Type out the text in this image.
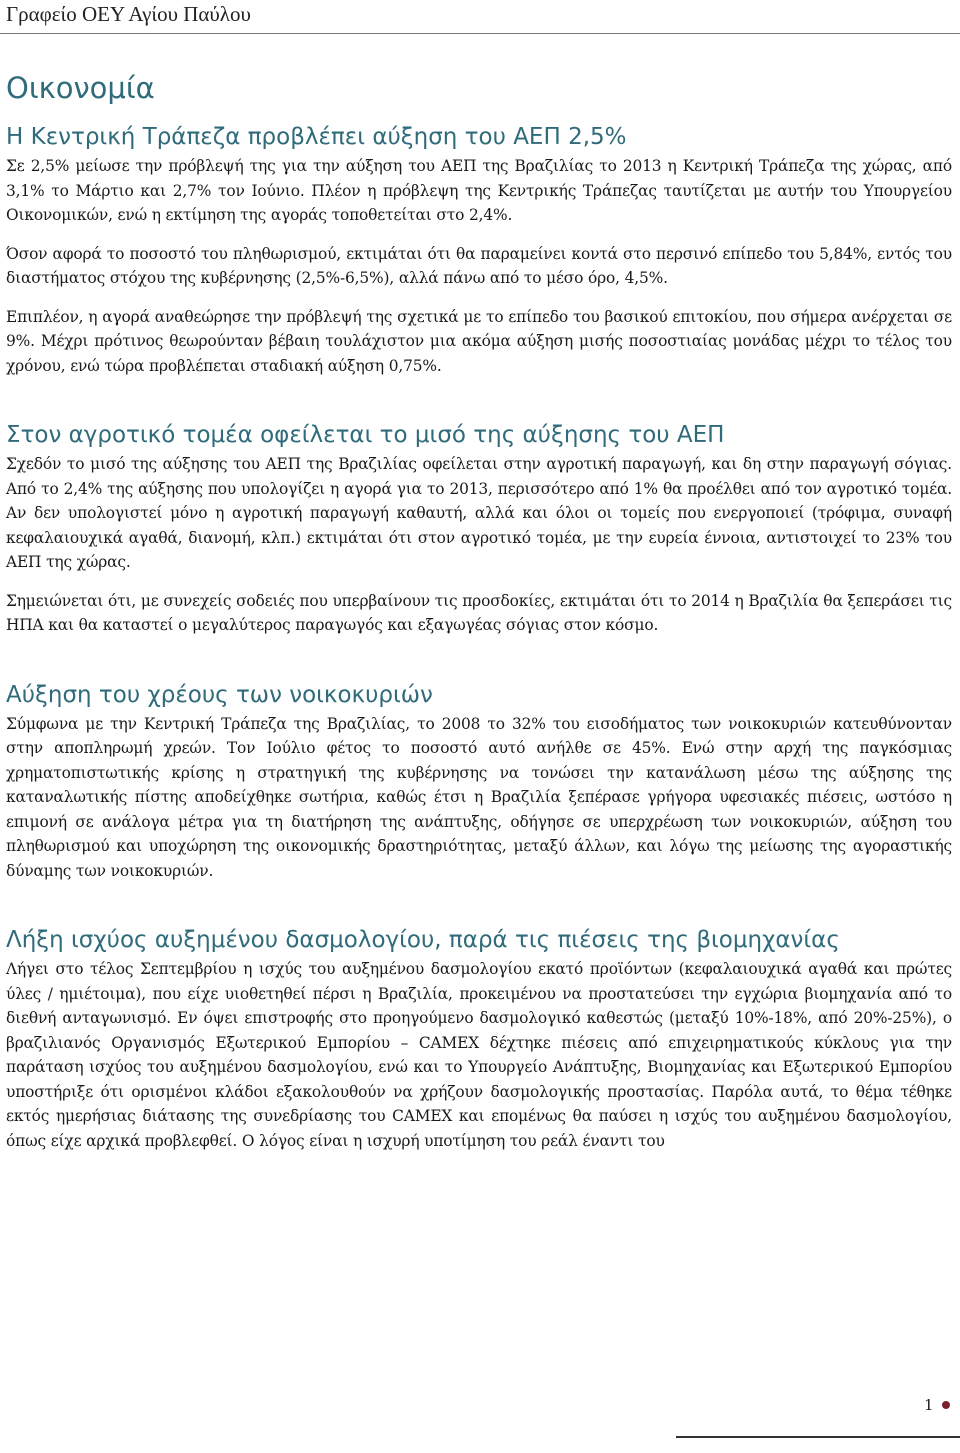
Γραφείο ΟΕΥ Αγίου Παύλου
Οικονομία
Η Κεντρική Τράπεζα προβλέπει αύξηση του ΑΕΠ 2,5%

Σε 2,5% μείωσε την πρόβλεψή της για την αύξηση του ΑΕΠ της Βραζιλίας το 2013 η Κεντρική Τράπεζα της χώρας, από 3,1% το Μάρτιο και 2,7% τον Ιούνιο. Πλέον η πρόβλεψη της Κεντρικής Τράπεζας ταυτίζεται με αυτήν του Υπουργείου Οικονομικών, ενώ η εκτίμηση της αγοράς τοποθετείται στο 2,4%.

Όσον αφορά το ποσοστό του πληθωρισμού, εκτιμάται ότι θα παραμείνει κοντά στο περσινό επίπεδο του 5,84%, εντός του διαστήματος στόχου της κυβέρνησης (2,5%-6,5%), αλλά πάνω από το μέσο όρο, 4,5%.

Επιπλέον, η αγορά αναθεώρησε την πρόβλεψή της σχετικά με το επίπεδο του βασικού επιτοκίου, που σήμερα ανέρχεται σε 9%. Μέχρι πρότινος θεωρούνταν βέβαιη τουλάχιστον μια ακόμα αύξηση μισής ποσοστιαίας μονάδας μέχρι το τέλος του χρόνου, ενώ τώρα προβλέπεται σταδιακή αύξηση 0,75%.

Στον αγροτικό τομέα οφείλεται το μισό της αύξησης του ΑΕΠ

Σχεδόν το μισό της αύξησης του ΑΕΠ της Βραζιλίας οφείλεται στην αγροτική παραγωγή, και δη στην παραγωγή σόγιας. Από το 2,4% της αύξησης που υπολογίζει η αγορά για το 2013, περισσότερο από 1% θα προέλθει από τον αγροτικό τομέα. Αν δεν υπολογιστεί μόνο η αγροτική παραγωγή καθαυτή, αλλά και όλοι οι τομείς που ενεργοποιεί (τρόφιμα, συναφή κεφαλαιουχικά αγαθά, διανομή, κλπ.) εκτιμάται ότι στον αγροτικό τομέα, με την ευρεία έννοια, αντιστοιχεί το 23% του ΑΕΠ της χώρας.

Σημειώνεται ότι, με συνεχείς σοδειές που υπερβαίνουν τις προσδοκίες, εκτιμάται ότι το 2014 η Βραζιλία θα ξεπεράσει τις ΗΠΑ και θα καταστεί ο μεγαλύτερος παραγωγός και εξαγωγέας σόγιας στον κόσμο.

Αύξηση του χρέους των νοικοκυριών

Σύμφωνα με την Κεντρική Τράπεζα της Βραζιλίας, το 2008 το 32% του εισοδήματος των νοικοκυριών κατευθύνονταν στην αποπληρωμή χρεών. Τον Ιούλιο φέτος το ποσοστό αυτό ανήλθε σε 45%. Ενώ στην αρχή της παγκόσμιας χρηματοπιστωτικής κρίσης η στρατηγική της κυβέρνησης να τονώσει την κατανάλωση μέσω της αύξησης της καταναλωτικής πίστης αποδείχθηκε σωτήρια, καθώς έτσι η Βραζιλία ξεπέρασε γρήγορα υφεσιακές πιέσεις, ωστόσο η επιμονή σε ανάλογα μέτρα για τη διατήρηση της ανάπτυξης, οδήγησε σε υπερχρέωση των νοικοκυριών, αύξηση του πληθωρισμού και υποχώρηση της οικονομικής δραστηριότητας, μεταξύ άλλων, και λόγω της μείωσης της αγοραστικής δύναμης των νοικοκυριών.

Λήξη ισχύος αυξημένου δασμολογίου, παρά τις πιέσεις της βιομηχανίας

Λήγει στο τέλος Σεπτεμβρίου η ισχύς του αυξημένου δασμολογίου εκατό προϊόντων (κεφαλαιουχικά αγαθά και πρώτες ύλες / ημιέτοιμα), που είχε υιοθετηθεί πέρσι η Βραζιλία, προκειμένου να προστατεύσει την εγχώρια βιομηχανία από το διεθνή ανταγωνισμό. Εν όψει επιστροφής στο προηγούμενο δασμολογικό καθεστώς (μεταξύ 10%-18%, από 20%-25%), ο βραζιλιανός Οργανισμός Εξωτερικού Εμπορίου – CAMEX δέχτηκε πιέσεις από επιχειρηματικούς κύκλους για την παράταση ισχύος του αυξημένου δασμολογίου, ενώ και το Υπουργείο Ανάπτυξης, Βιομηχανίας και Εξωτερικού Εμπορίου υποστήριξε ότι ορισμένοι κλάδοι εξακολουθούν να χρήζουν δασμολογικής προστασίας. Παρόλα αυτά, το θέμα τέθηκε εκτός ημερήσιας διάτασης της συνεδρίασης του CAMEX και επομένως θα παύσει η ισχύς του αυξημένου δασμολογίου, όπως είχε αρχικά προβλεφθεί. Ο λόγος είναι η ισχυρή υποτίμηση του ρεάλ έναντι του

1
